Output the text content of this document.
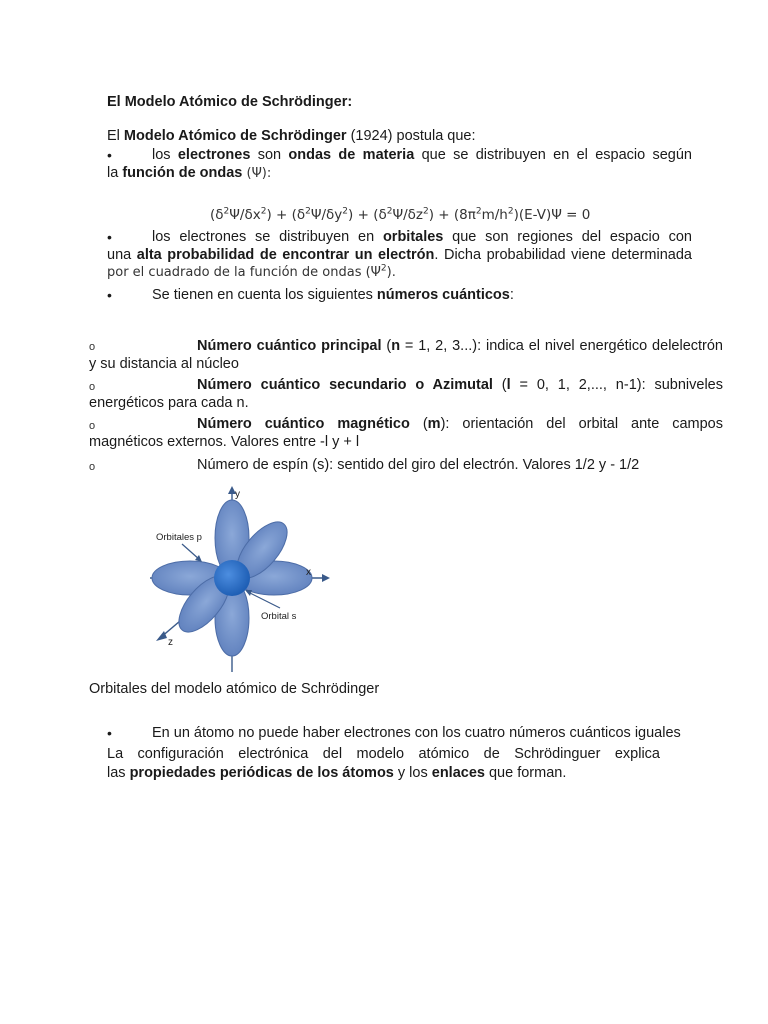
El Modelo Atómico de Schrödinger:
El Modelo Atómico de Schrödinger (1924) postula que:
•	los electrones son ondas de materia que se distribuyen en el espacio según
la función de ondas (Ψ):
$(\delta^2\Psi/\delta x^2) + (\delta^2\Psi/\delta y^2) + (\delta^2\Psi/\delta z^2) + (8\pi^2m/h^2)(E-V)\Psi = 0$
•	los electrones se distribuyen en orbitales que son regiones del espacio con
una alta probabilidad de encontrar un electrón. Dicha probabilidad viene determinada
por el cuadrado de la función de ondas $(\Psi^2)$.
•	Se tienen en cuenta los siguientes números cuánticos:
o	Número cuántico principal (n = 1, 2, 3...): indica el nivel energético delelectrón
y su distancia al núcleo
o	Número cuántico secundario o Azimutal (l = 0, 1, 2,..., n-1): subniveles
energéticos para cada n.
o	Número cuántico magnético (m): orientación del orbital ante campos
magnéticos externos. Valores entre -l y + l
o	Número de espín (s): sentido del giro del electrón. Valores 1/2 y - 1/2
y
x
z
Orbitales p
Orbital s
Orbitales del modelo atómico de Schrödinger
•	En un átomo no puede haber electrones con los cuatro números cuánticos iguales
La configuración electrónica del modelo atómico de Schrödinguer explica
las propiedades periódicas de los átomos y los enlaces que forman.
